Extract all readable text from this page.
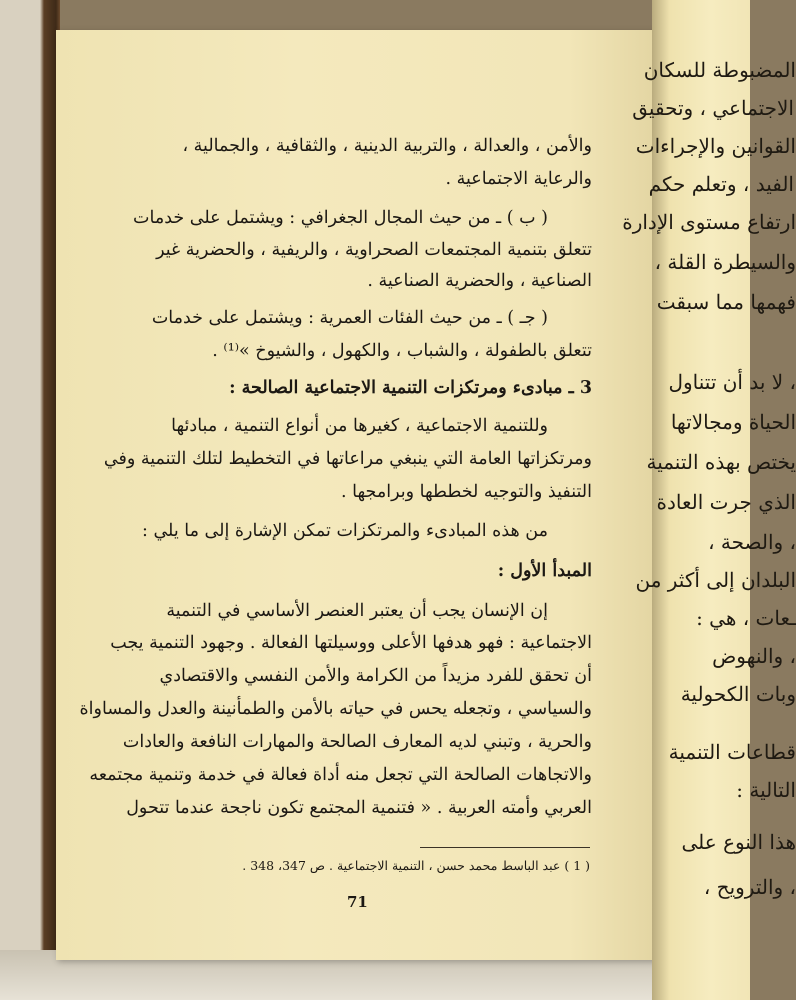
المضبوطة للسكان
الاجتماعي ، وتحقيق
القوانين والإجراءات
الفيد ، وتعلم حكم
ارتفاع مستوى الإدارة
والسيطرة القلة ،
فهمها مما سبقت
، لا بد أن تتناول
الحياة ومجالاتها
يختص بهذه التنمية
الذي جرت العادة
، والصحة ،
البلدان إلى أكثر من
ـعات ، هي :
، والنهوض
وبات الكحولية
قطاعات التنمية
التالية :
هذا النوع على
، والترويح ،
والأمن ، والعدالة ، والتربية الدينية ، والثقافية ، والجمالية ،
والرعاية الاجتماعية .
( ب ) ـ من حيث المجال الجغرافي : ويشتمل على خدمات
تتعلق بتنمية المجتمعات الصحراوية ، والريفية ، والحضرية غير
الصناعية ، والحضرية الصناعية .
( جـ ) ـ من حيث الفئات العمرية : ويشتمل على خدمات
تتعلق بالطفولة ، والشباب ، والكهول ، والشيوخ »⁽¹⁾ .
3 ـ مبادىء ومرتكزات التنمية الاجتماعية الصالحة :
وللتنمية الاجتماعية ، كغيرها من أنواع التنمية ، مبادئها
ومرتكزاتها العامة التي ينبغي مراعاتها في التخطيط لتلك التنمية وفي
التنفيذ والتوجيه لخططها وبرامجها .
من هذه المبادىء والمرتكزات تمكن الإشارة إلى ما يلي :
المبدأ الأول :
إن الإنسان يجب أن يعتبر العنصر الأساسي في التنمية
الاجتماعية : فهو هدفها الأعلى ووسيلتها الفعالة . وجهود التنمية يجب
أن تحقق للفرد مزيداً من الكرامة والأمن النفسي والاقتصادي
والسياسي ، وتجعله يحس في حياته بالأمن والطمأنينة والعدل والمساواة
والحرية ، وتبني لديه المعارف الصالحة والمهارات النافعة والعادات
والاتجاهات الصالحة التي تجعل منه أداة فعالة في خدمة وتنمية مجتمعه
العربي وأمته العربية . « فتنمية المجتمع تكون ناجحة عندما تتحول
( 1 ) عبد الباسط محمد حسن ، التنمية الاجتماعية . ص 347، 348 .
71
